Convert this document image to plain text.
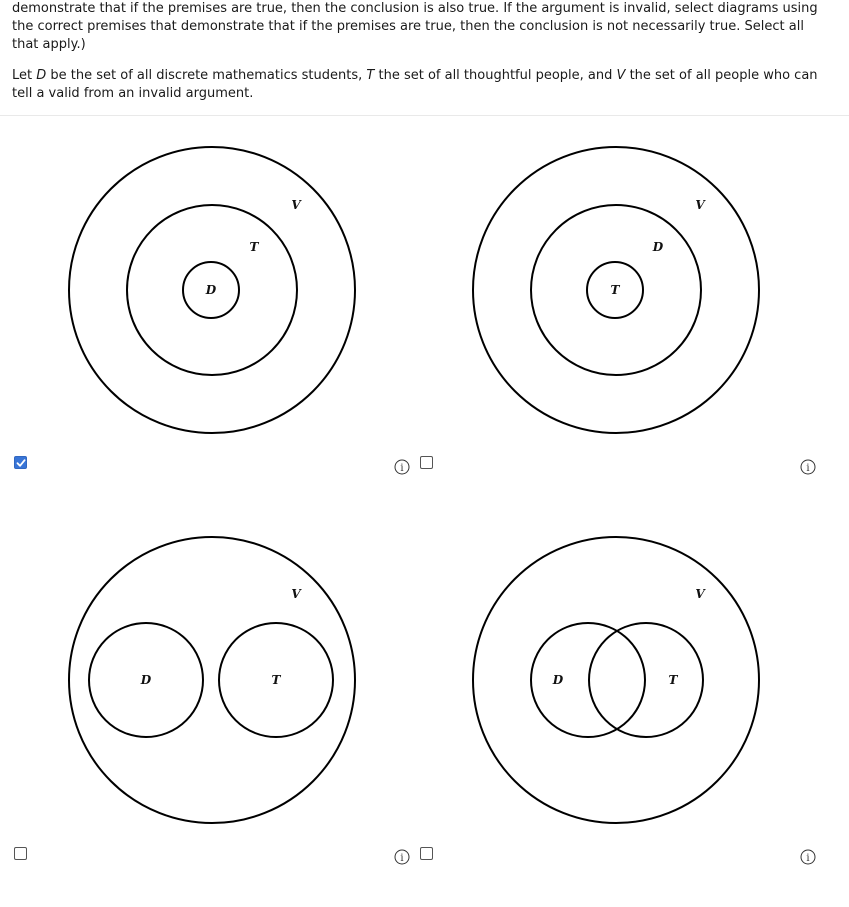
demonstrate that if the premises are true, then the conclusion is also true. If the argument is invalid, select diagrams using the correct premises that demonstrate that if the premises are true, then the conclusion is not necessarily true. Select all that apply.)

Let D be the set of all discrete mathematics students, T the set of all thoughtful people, and V the set of all people who can tell a valid from an invalid argument.

V
T
D
V
D
T
V
D	T
V
D	T
i	i
i	i
